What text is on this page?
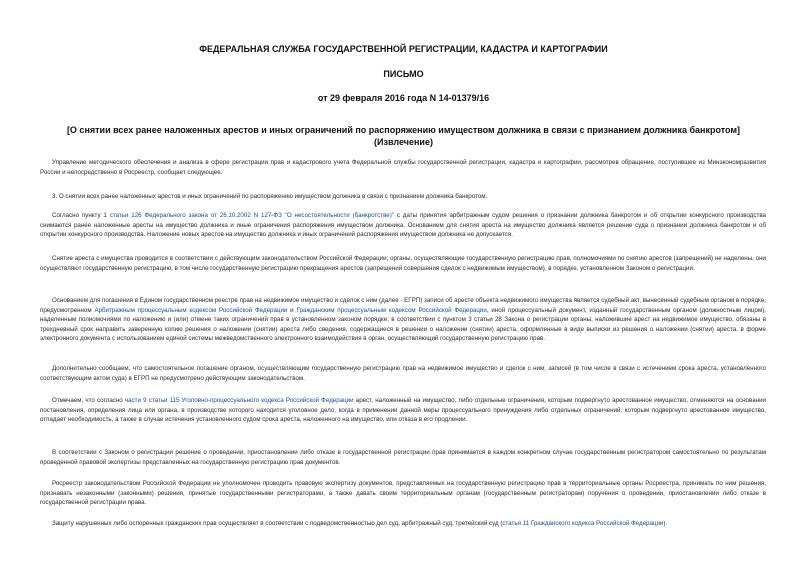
ФЕДЕРАЛЬНАЯ СЛУЖБА ГОСУДАРСТВЕННОЙ РЕГИСТРАЦИИ, КАДАСТРА И КАРТОГРАФИИ
ПИСЬМО
от 29 февраля 2016 года N 14-01379/16
[О снятии всех ранее наложенных арестов и иных ограничений по распоряжению имуществом должника в связи с признанием должника банкротом]
(Извлечение)

Управление методического обеспечения и анализа в сфере регистрации прав и кадастрового учета Федеральной службы государственной регистрации, кадастра и картографии, рассмотрев обращение, поступившее из Минэкономразвития России и непосредственно в Росреестр, сообщает следующее.

3. О снятии всех ранее наложенных арестов и иных ограничений по распоряжению имуществом должника в связи с признанием должника банкротом.

Согласно пункту 1 статьи 126 Федерального закона от 26.10.2002 N 127-ФЗ "О несостоятельности (банкротстве)" с даты принятия арбитражным судом решения о признании должника банкротом и об открытии конкурсного производства снимаются ранее наложенные аресты на имущество должника и иные ограничения распоряжения имуществом должника. Основанием для снятия ареста на имущество должника является решение суда о признании должника банкротом и об открытии конкурсного производства. Наложение новых арестов на имущество должника и иных ограничений распоряжения имуществом должника не допускается.

Снятие ареста с имущества проводится в соответствии с действующим законодательством Российской Федерации; органы, осуществляющие государственную регистрацию прав, полномочиями по снятию арестов (запрещений) не наделены, они осуществляют государственную регистрацию, в том числе государственную регистрацию прекращения арестов (запрещений совершения сделок с недвижимым имуществом), в порядке, установленном Законом о регистрации.

Основанием для погашения в Едином государственном реестре прав на недвижимое имущество и сделок с ним (далее - ЕГРП) записи об аресте объекта недвижимого имущества является судебный акт, вынесенный судебным органом в порядке, предусмотренном Арбитражным процессуальным кодексом Российской Федерации и Гражданским процессуальным кодексом Российской Федерации, иной процессуальный документ, изданный государственным органом (должностным лицом), наделенным полномочиями по наложению и (или) отмене таких ограничений прав в установленном законом порядке; в соответствии с пунктом 3 статьи 28 Закона о регистрации органы, наложившие арест на недвижимое имущество, обязаны в трехдневный срок направить заверенную копию решения о наложении (снятии) ареста либо сведения, содержащиеся в решении о наложении (снятии) ареста, оформленные в виде выписки из решения о наложении (снятии) ареста, в форме электронного документа с использованием единой системы межведомственного электронного взаимодействия в орган, осуществляющий государственную регистрацию прав.

Дополнительно сообщаем, что самостоятельное погашение органом, осуществляющим государственную регистрацию прав на недвижимое имущество и сделок с ним, записей (в том числе в связи с истечением срока ареста, установленного соответствующим актом суда) в ЕГРП не предусмотрено действующим законодательством.

Отмечаем, что согласно части 9 статьи 115 Уголовно-процессуального кодекса Российской Федерации арест, наложенный на имущество, либо отдельные ограничения, которым подвергнуто арестованное имущество, отменяются на основании постановления, определения лица или органа, в производстве которого находится уголовное дело, когда в применении данной меры процессуального принуждения либо отдельных ограничений, которым подвергнуто арестованное имущество, отпадает необходимость, а также в случае истечения установленного судом срока ареста, наложенного на имущество, или отказа в его продлении.

В соответствии с Законом о регистрации решение о проведении, приостановлении либо отказе в государственной регистрации прав принимается в каждом конкретном случае государственным регистратором самостоятельно по результатам проведенной правовой экспертизы представленных на государственную регистрацию прав документов.

Росреестр законодательством Российской Федерации не уполномочен проводить правовую экспертизу документов, представляемых на государственную регистрацию прав в территориальные органы Росреестра, принимать по ним решения, признавать незаконными (законными) решения, принятые государственными регистраторами, а также давать своим территориальным органам (государственным регистраторам) поручения о проведении, приостановлении либо отказе в государственной регистрации права.

Защиту нарушенных либо оспоренных гражданских прав осуществляет в соответствии с подведомственностью дел суд, арбитражный суд, третейский суд (статья 11 Гражданского кодекса Российской Федерации).
